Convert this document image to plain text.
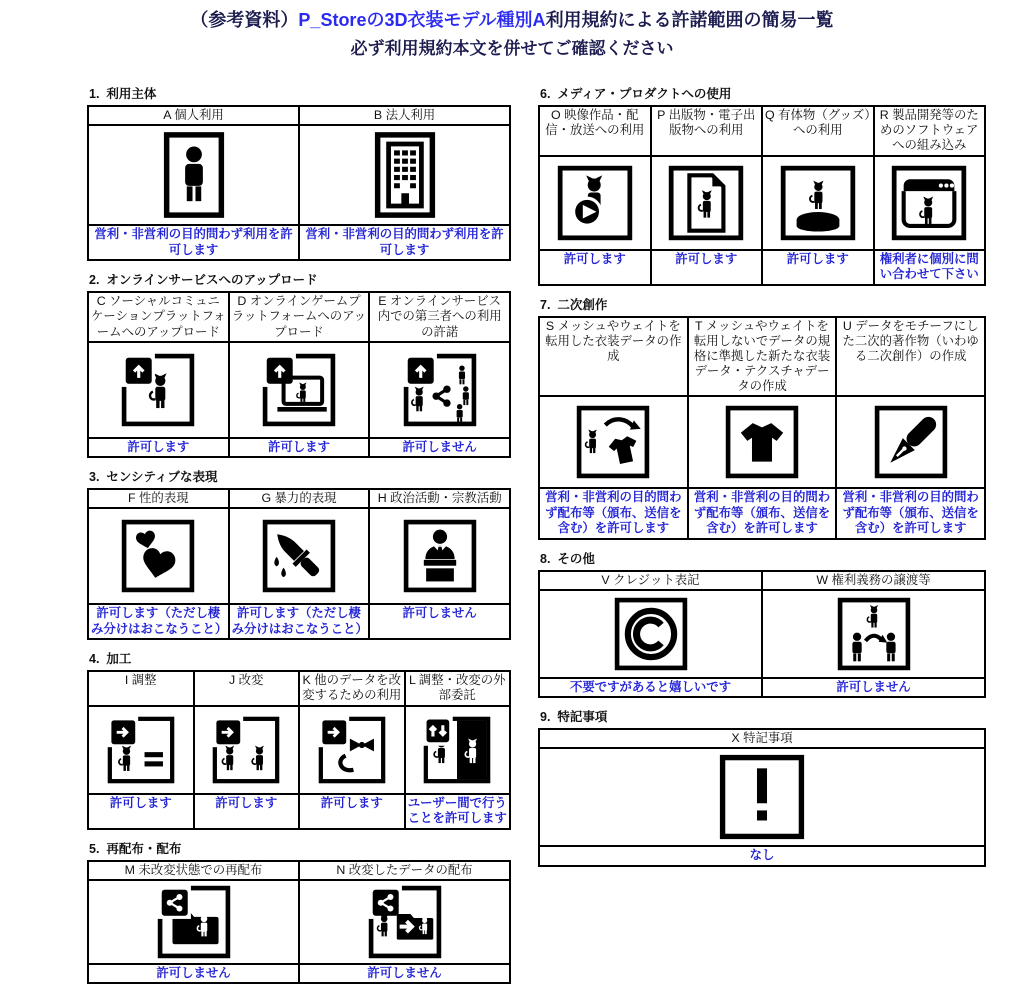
（参考資料）P_Storeの3D衣装モデル種別A利用規約による許諾範囲の簡易一覧
必ず利用規約本文を併せてご確認ください
1.  利用主体
A 個人利用	B 法人利用

営利・非営利の目的問わず利用を許可します	営利・非営利の目的問わず利用を許可します
2.  オンラインサービスへのアップロード
C ソーシャルコミュニケーションプラットフォームへのアップロード	D オンラインゲームプラットフォームへのアップロード	E オンラインサービス内での第三者への利用の許諾

許可します	許可します	許可しません
3.  センシティブな表現
F 性的表現	G 暴力的表現	H 政治活動・宗教活動

許可します（ただし棲み分けはおこなうこと）	許可します（ただし棲み分けはおこなうこと）	許可しません
4.  加工
I 調整	J 改変	K 他のデータを改変するための利用	L 調整・改変の外部委託

許可します	許可します	許可します	ユーザー間で行うことを許可します
5.  再配布・配布
M 未改変状態での再配布	N 改変したデータの配布

許可しません	許可しません
6.  メディア・プロダクトへの使用
O 映像作品・配信・放送への利用	P 出版物・電子出版物への利用	Q 有体物（グッズ）への利用	R 製品開発等のためのソフトウェアへの組み込み

許可します	許可します	許可します	権利者に個別に問い合わせて下さい
7.  二次創作
S メッシュやウェイトを転用した衣装データの作成	T メッシュやウェイトを転用しないでデータの規格に準拠した新たな衣装データ・テクスチャデータの作成	U データをモチーフにした二次的著作物（いわゆる二次創作）の作成

営利・非営利の目的問わず配布等（頒布、送信を含む）を許可します	営利・非営利の目的問わず配布等（頒布、送信を含む）を許可します	営利・非営利の目的問わず配布等（頒布、送信を含む）を許可します
8.  その他
V クレジット表記	W 権利義務の譲渡等

不要ですがあると嬉しいです	許可しません
9.  特記事項
X 特記事項

なし
